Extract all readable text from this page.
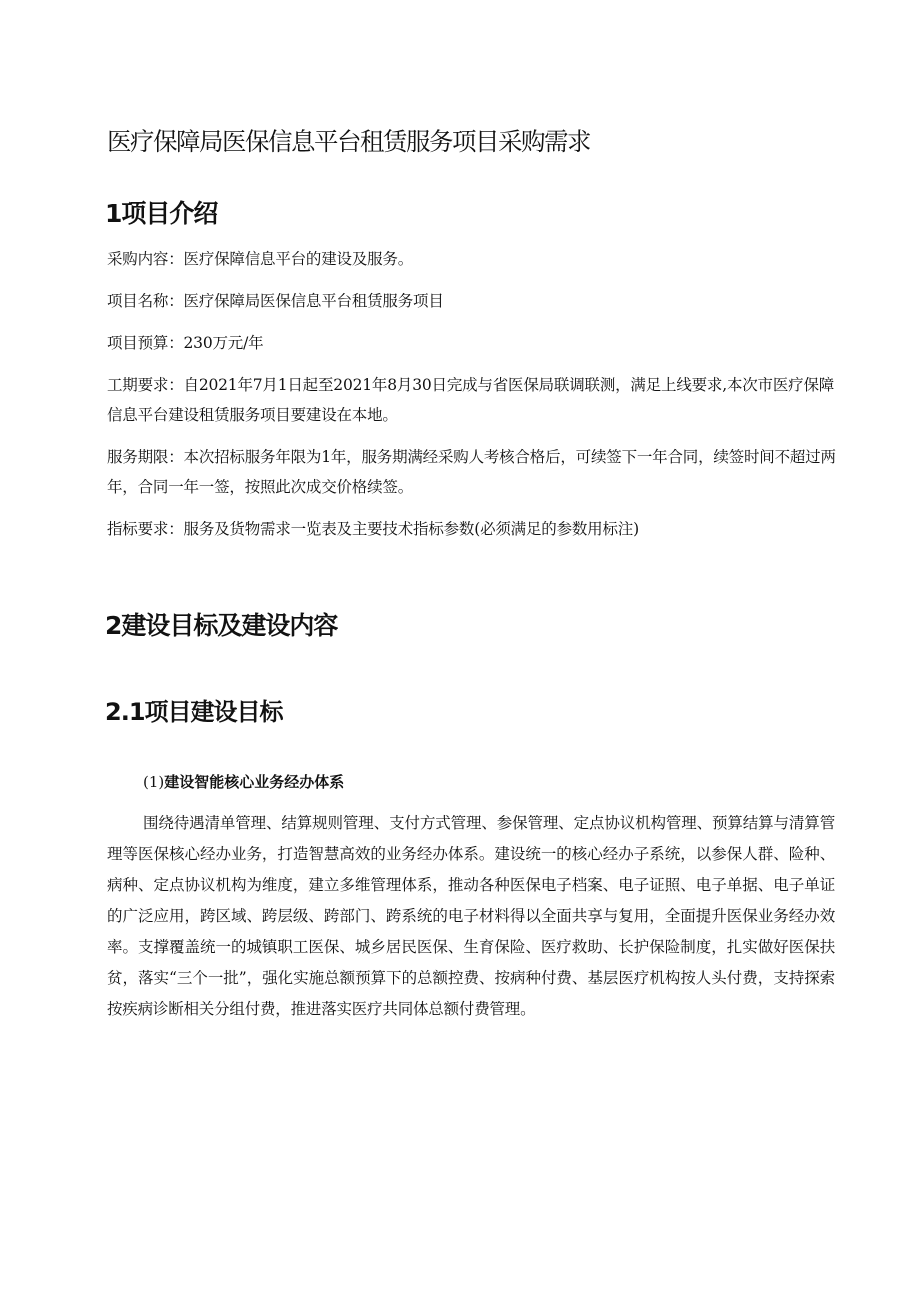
医疗保障局医保信息平台租赁服务项目采购需求
1项目介绍
采购内容：医疗保障信息平台的建设及服务。
项目名称：医疗保障局医保信息平台租赁服务项目
项目预算：230万元/年
工期要求：自2021年7月1日起至2021年8月30日完成与省医保局联调联测，满足上线要求,本次市医疗保障信息平台建设租赁服务项目要建设在本地。
服务期限：本次招标服务年限为1年，服务期满经采购人考核合格后，可续签下一年合同，续签时间不超过两年，合同一年一签，按照此次成交价格续签。
指标要求：服务及货物需求一览表及主要技术指标参数(必须满足的参数用标注)
2建设目标及建设内容
2.1项目建设目标

(1)建设智能核心业务经办体系

围绕待遇清单管理、结算规则管理、支付方式管理、参保管理、定点协议机构管理、预算结算与清算管理等医保核心经办业务，打造智慧高效的业务经办体系。建设统一的核心经办子系统，以参保人群、险种、病种、定点协议机构为维度，建立多维管理体系，推动各种医保电子档案、电子证照、电子单据、电子单证的广泛应用，跨区域、跨层级、跨部门、跨系统的电子材料得以全面共享与复用，全面提升医保业务经办效率。支撑覆盖统一的城镇职工医保、城乡居民医保、生育保险、医疗救助、长护保险制度，扎实做好医保扶贫，落实“三个一批”，强化实施总额预算下的总额控费、按病种付费、基层医疗机构按人头付费，支持探索按疾病诊断相关分组付费，推进落实医疗共同体总额付费管理。
